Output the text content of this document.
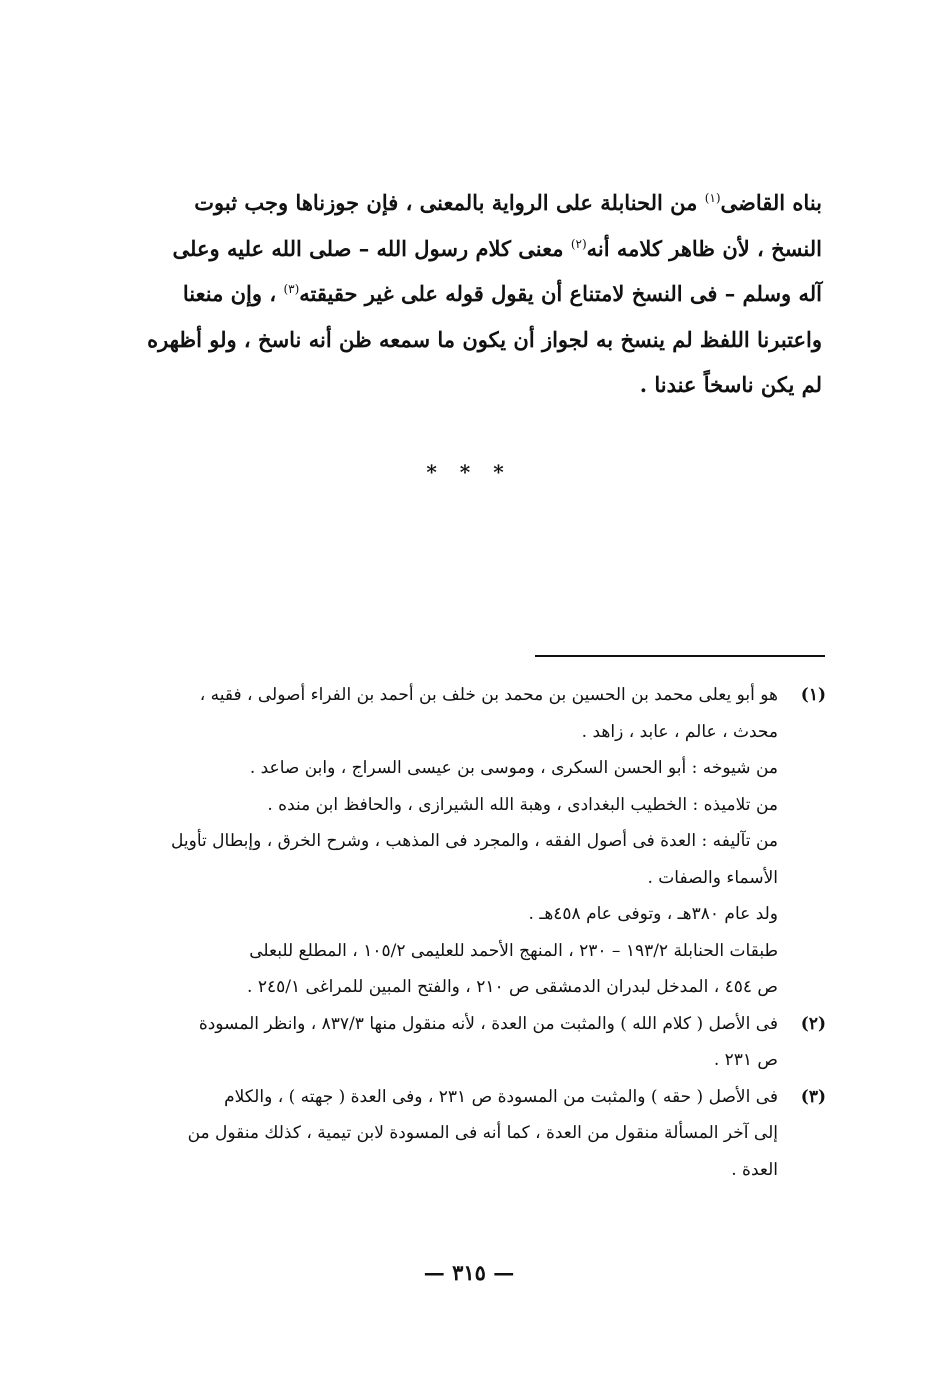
بناه القاضى$^{(١)}$ من الحنابلة على الرواية بالمعنى ، فإن جوزناها وجب ثبوت
النسخ ، لأن ظاهر كلامه أنه$^{(٢)}$ معنى كلام رسول الله – صلى الله عليه وعلى
آله وسلم – فى النسخ لامتناع أن يقول قوله على غير حقيقته$^{(٣)}$ ، وإن منعنا
واعتبرنا اللفظ لم ينسخ به لجواز أن يكون ما سمعه ظن أنه ناسخ ، ولو أظهره
لم يكن ناسخاً عندنا .
* * *
(١)
هو أبو يعلى محمد بن الحسين بن محمد بن خلف بن أحمد بن الفراء أصولى ، فقيه ،
محدث ، عالم ، عابد ، زاهد .
من شيوخه : أبو الحسن السكرى ، وموسى بن عيسى السراج ، وابن صاعد .
من تلاميذه : الخطيب البغدادى ، وهبة الله الشيرازى ، والحافظ ابن منده .
من تآليفه : العدة فى أصول الفقه ، والمجرد فى المذهب ، وشرح الخرق ، وإبطال تأويل
الأسماء والصفات .
ولد عام ٣٨٠هـ ، وتوفى عام ٤٥٨هـ .
طبقات الحنابلة ١٩٣/٢ – ٢٣٠ ، المنهج الأحمد للعليمى ١٠٥/٢ ، المطلع للبعلى
ص ٤٥٤ ، المدخل لبدران الدمشقى ص ٢١٠ ، والفتح المبين للمراغى ٢٤٥/١ .
(٢)
فى الأصل ( كلام الله ) والمثبت من العدة ، لأنه منقول منها ٨٣٧/٣ ، وانظر المسودة
ص ٢٣١ .
(٣)
فى الأصل ( حقه ) والمثبت من المسودة ص ٢٣١ ، وفى العدة ( جهته ) ، والكلام
إلى آخر المسألة منقول من العدة ، كما أنه فى المسودة لابن تيمية ، كذلك منقول من
العدة .
— ٣١٥ —
